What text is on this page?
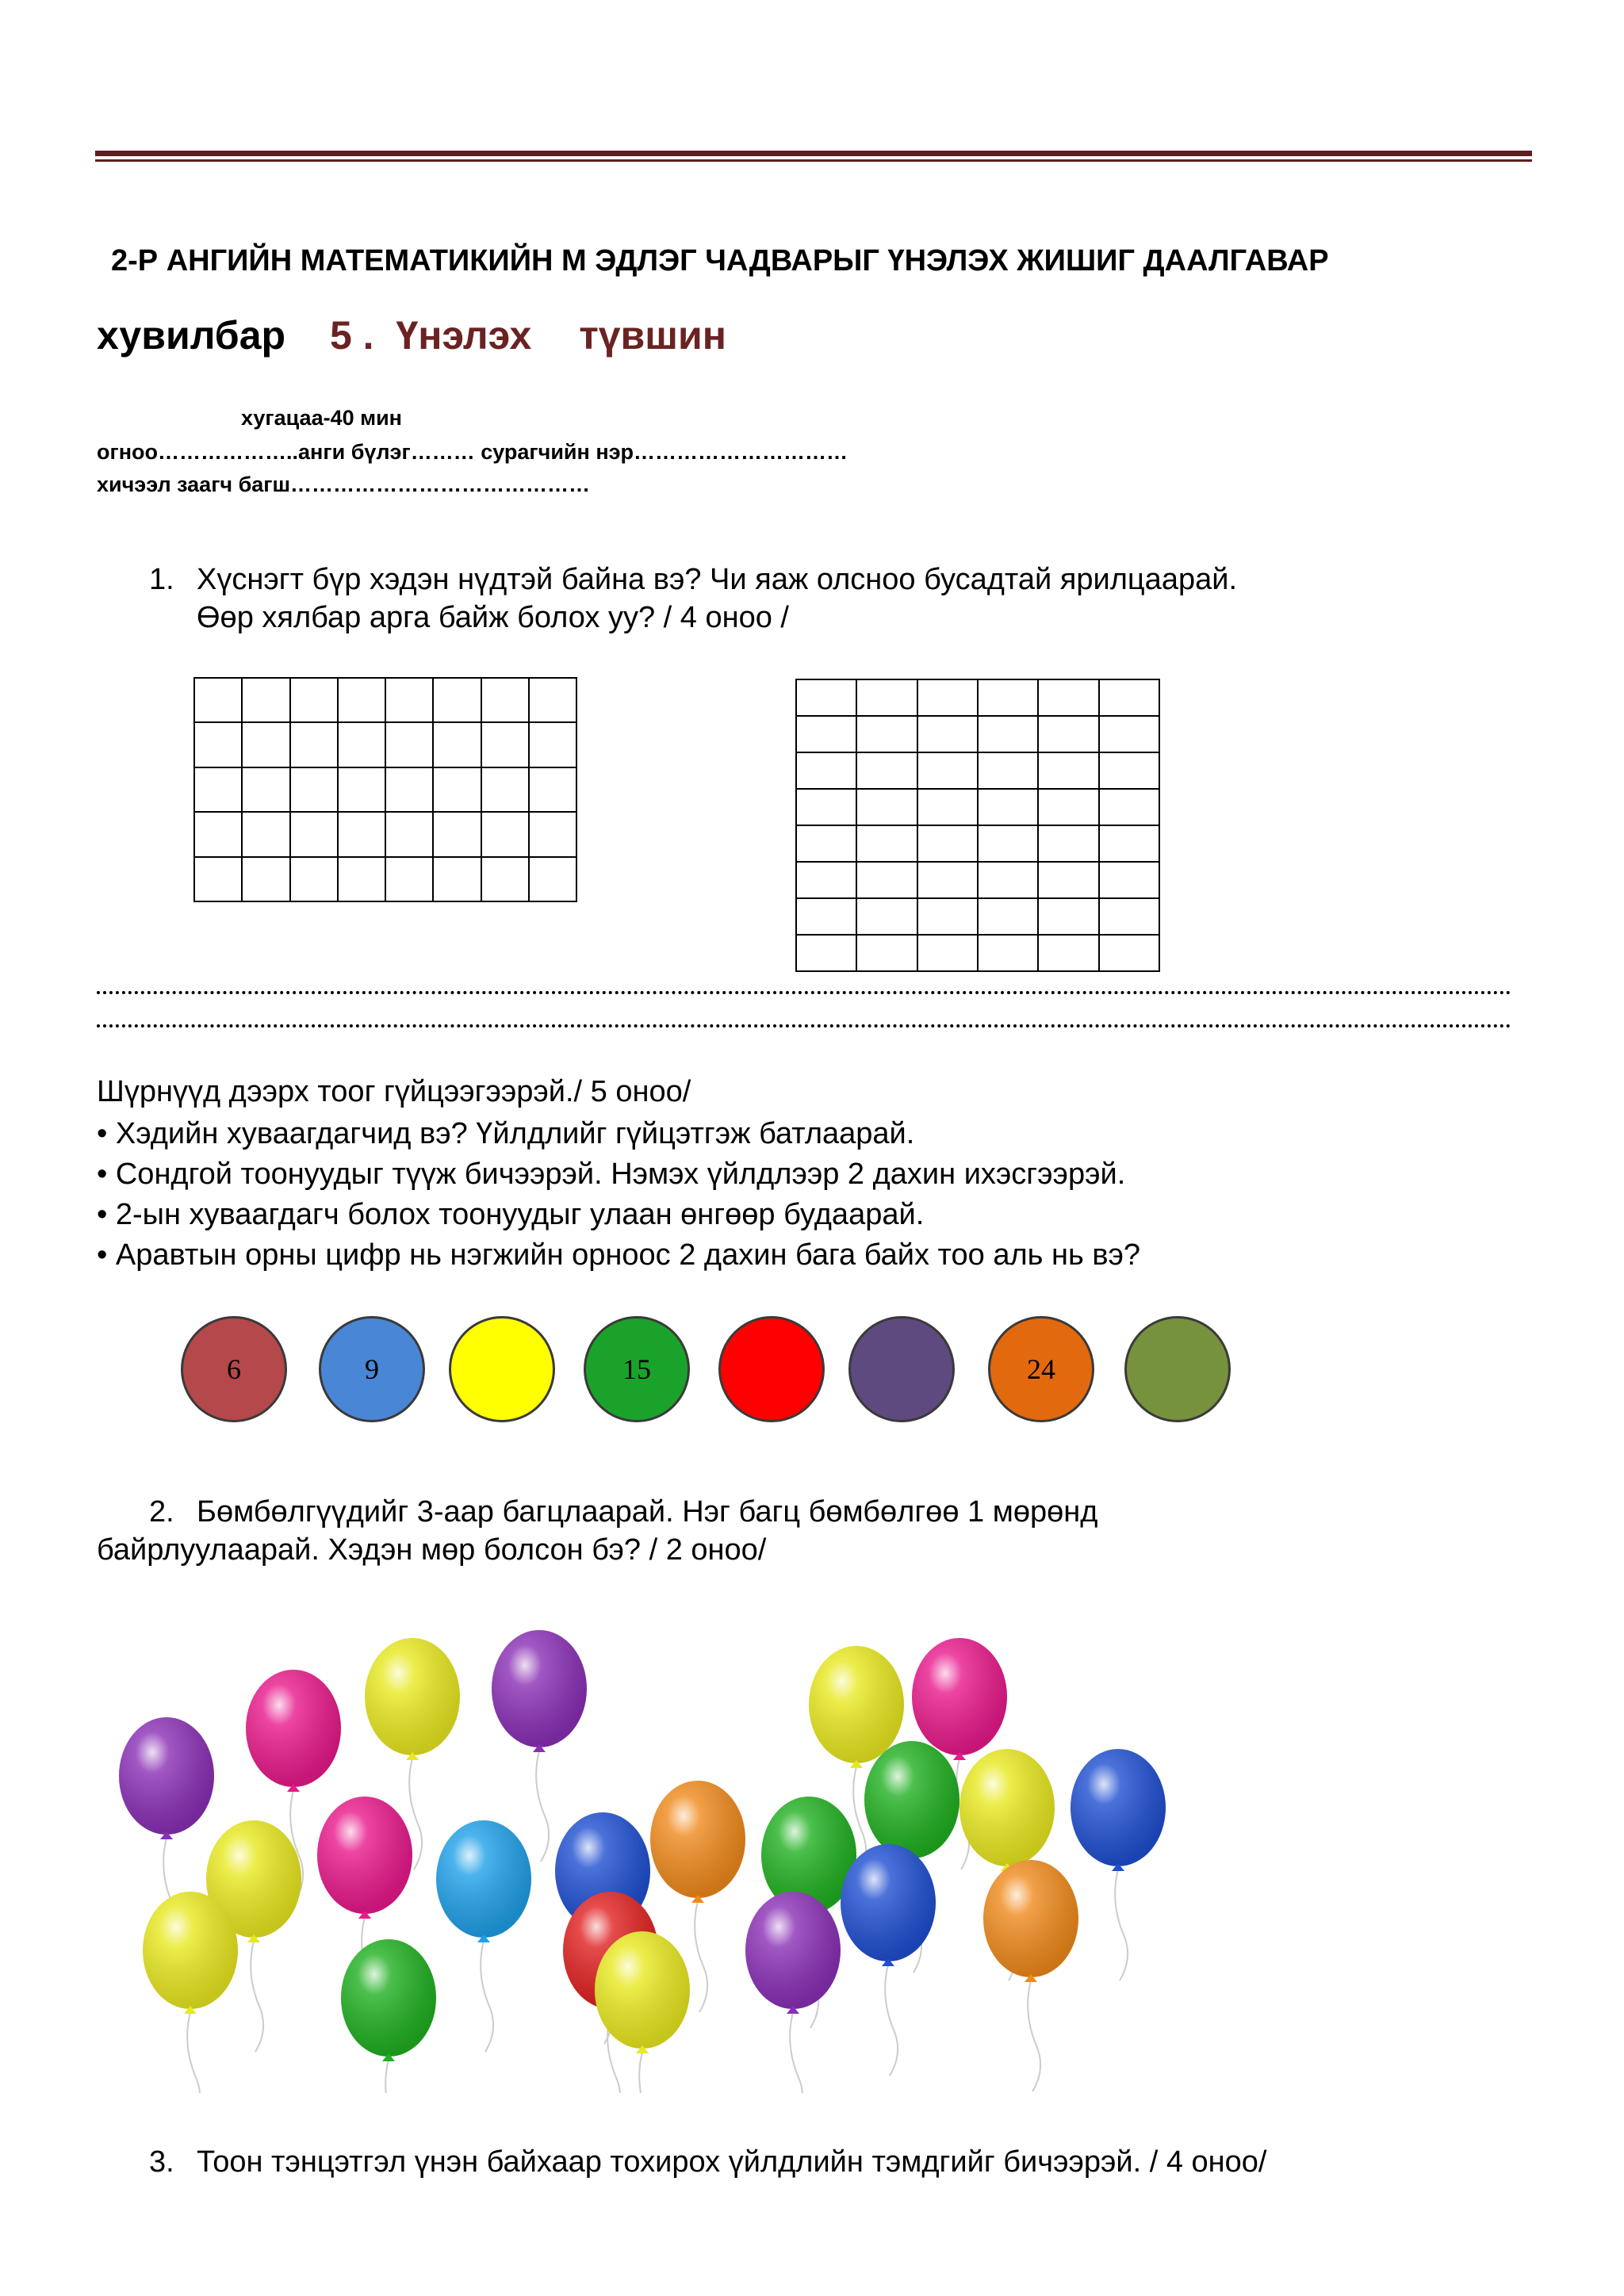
2-Р АНГИЙН МАТЕМАТИКИЙН М ЭДЛЭГ ЧАДВАРЫГ ҮНЭЛЭХ ЖИШИГ ДААЛГАВАР
хувилбар 5 . Үнэлэх түвшин
хугацаа-40 мин
огноо………………..анги бүлэг……… сурагчийн нэр…………………………
хичээл заагч багш……………………………………
1. Хүснэгт бүр хэдэн нүдтэй байна вэ? Чи яаж олсноо бусадтай ярилцаарай.
Өөр хялбар арга байж болох уу? / 4 оноо /

Шүрнүүд дээрх тоог гүйцээгээрэй./ 5 оноо/
• Хэдийн хуваагдагчид вэ? Үйлдлийг гүйцэтгэж батлаарай.
• Сондгой тоонуудыг түүж бичээрэй. Нэмэх үйлдлээр 2 дахин ихэсгээрэй.
• 2-ын хуваагдагч болох тоонуудыг улаан өнгөөр будаарай.
• Аравтын орны цифр нь нэгжийн орноос 2 дахин бага байх тоо аль нь вэ?
6	9	15	24
2. Бөмбөлгүүдийг 3-аар багцлаарай. Нэг багц бөмбөлгөө 1 мөрөнд
байрлуулаарай. Хэдэн мөр болсон бэ? / 2 оноо/
3. Тоон тэнцэтгэл үнэн байхаар тохирох үйлдлийн тэмдгийг бичээрэй. / 4 оноо/
